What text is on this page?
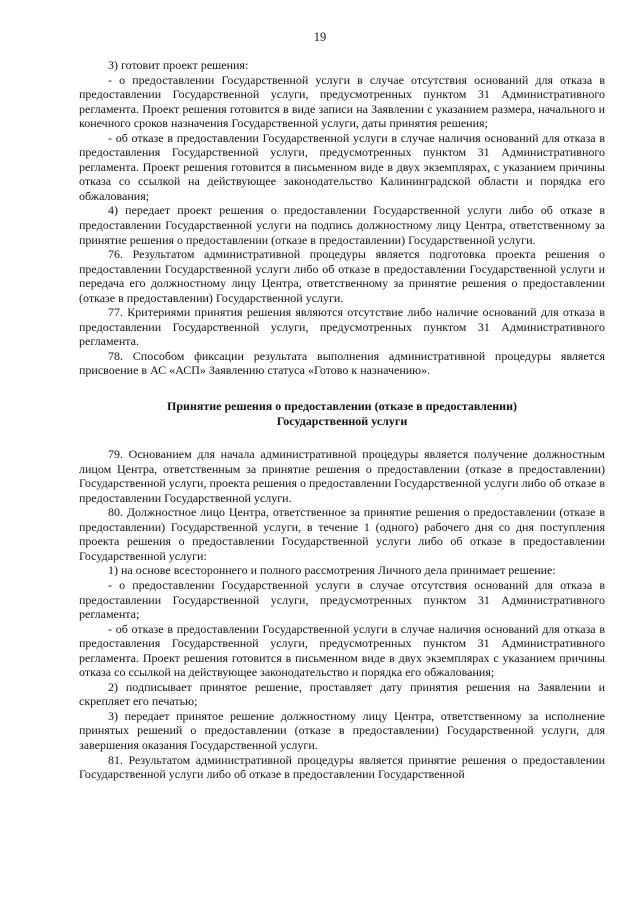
19

3) готовит проект решения:

- о предоставлении Государственной услуги в случае отсутствия оснований для отказа в предоставлении Государственной услуги, предусмотренных пунктом 31 Административного регламента. Проект решения готовится в виде записи на Заявлении с указанием размера, начального и конечного сроков назначения Государственной услуги, даты принятия решения;

- об отказе в предоставлении Государственной услуги в случае наличия оснований для отказа в предоставления Государственной услуги, предусмотренных пунктом 31 Административного регламента. Проект решения готовится в письменном виде в двух экземплярах, с указанием причины отказа со ссылкой на действующее законодательство Калининградской области и порядка его обжалования;

4) передает проект решения о предоставлении Государственной услуги либо об отказе в предоставлении Государственной услуги на подпись должностному лицу Центра, ответственному за принятие решения о предоставлении (отказе в предоставлении) Государственной услуги.

76. Результатом административной процедуры является подготовка проекта решения о предоставлении Государственной услуги либо об отказе в предоставлении Государственной услуги и передача его должностному лицу Центра, ответственному за принятие решения о предоставлении (отказе в предоставлении) Государственной услуги.

77. Критериями принятия решения являются отсутствие либо наличие оснований для отказа в предоставлении Государственной услуги, предусмотренных пунктом 31 Административного регламента.

78. Способом фиксации результата выполнения административной процедуры является присвоение в АС «АСП» Заявлению статуса «Готово к назначению».

Принятие решения о предоставлении (отказе в предоставлении)
Государственной услуги

79. Основанием для начала административной процедуры является получение должностным лицом Центра, ответственным за принятие решения о предоставлении (отказе в предоставлении) Государственной услуги, проекта решения о предоставлении Государственной услуги либо об отказе в предоставлении Государственной услуги.

80. Должностное лицо Центра, ответственное за принятие решения о предоставлении (отказе в предоставлении) Государственной услуги, в течение 1 (одного) рабочего дня со дня поступления проекта решения о предоставлении Государственной услуги либо об отказе в предоставлении Государственной услуги:

1) на основе всестороннего и полного рассмотрения Личного дела принимает решение:

- о предоставлении Государственной услуги в случае отсутствия оснований для отказа в предоставлении Государственной услуги, предусмотренных пунктом 31 Административного регламента;

- об отказе в предоставлении Государственной услуги в случае наличия оснований для отказа в предоставления Государственной услуги, предусмотренных пунктом 31 Административного регламента. Проект решения готовится в письменном виде в двух экземплярах с указанием причины отказа со ссылкой на действующее законодательство и порядка его обжалования;

2) подписывает принятое решение, проставляет дату принятия решения на Заявлении и скрепляет его печатью;

3) передает принятое решение должностному лицу Центра, ответственному за исполнение принятых решений о предоставлении (отказе в предоставлении) Государственной услуги, для завершения оказания Государственной услуги.

81. Результатом административной процедуры является принятие решения о предоставлении Государственной услуги либо об отказе в предоставлении Государственной
